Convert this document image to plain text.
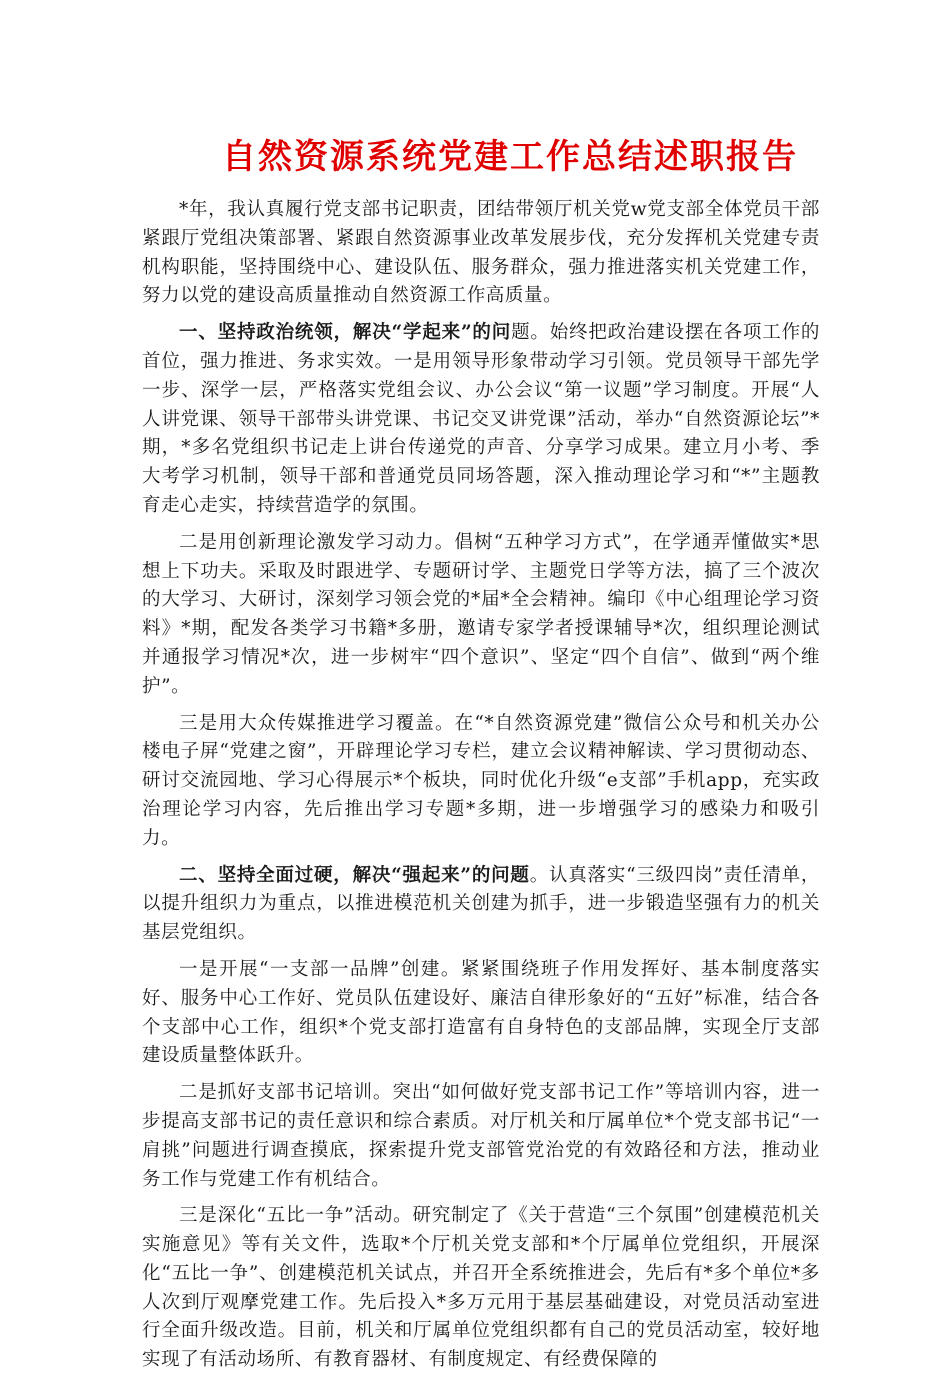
自然资源系统党建工作总结述职报告

*年，我认真履行党支部书记职责，团结带领厅机关党w党支部全体党员干部紧跟厅党组决策部署、紧跟自然资源事业改革发展步伐，充分发挥机关党建专责机构职能，坚持围绕中心、建设队伍、服务群众，强力推进落实机关党建工作，努力以党的建设高质量推动自然资源工作高质量。

一、坚持政治统领，解决“学起来”的问题。始终把政治建设摆在各项工作的首位，强力推进、务求实效。一是用领导形象带动学习引领。党员领导干部先学一步、深学一层，严格落实党组会议、办公会议“第一议题”学习制度。开展“人人讲党课、领导干部带头讲党课、书记交叉讲党课”活动，举办“自然资源论坛”*期，*多名党组织书记走上讲台传递党的声音、分享学习成果。建立月小考、季大考学习机制，领导干部和普通党员同场答题，深入推动理论学习和“*”主题教育走心走实，持续营造学的氛围。

二是用创新理论激发学习动力。倡树“五种学习方式”，在学通弄懂做实*思想上下功夫。采取及时跟进学、专题研讨学、主题党日学等方法，搞了三个波次的大学习、大研讨，深刻学习领会党的*届*全会精神。编印《中心组理论学习资料》*期，配发各类学习书籍*多册，邀请专家学者授课辅导*次，组织理论测试并通报学习情况*次，进一步树牢“四个意识”、坚定“四个自信”、做到“两个维护”。

三是用大众传媒推进学习覆盖。在“*自然资源党建”微信公众号和机关办公楼电子屏“党建之窗”，开辟理论学习专栏，建立会议精神解读、学习贯彻动态、研讨交流园地、学习心得展示*个板块，同时优化升级“e支部”手机app，充实政治理论学习内容，先后推出学习专题*多期，进一步增强学习的感染力和吸引力。

二、坚持全面过硬，解决“强起来”的问题。认真落实“三级四岗”责任清单，以提升组织力为重点，以推进模范机关创建为抓手，进一步锻造坚强有力的机关基层党组织。

一是开展“一支部一品牌”创建。紧紧围绕班子作用发挥好、基本制度落实好、服务中心工作好、党员队伍建设好、廉洁自律形象好的“五好”标准，结合各个支部中心工作，组织*个党支部打造富有自身特色的支部品牌，实现全厅支部建设质量整体跃升。

二是抓好支部书记培训。突出“如何做好党支部书记工作”等培训内容，进一步提高支部书记的责任意识和综合素质。对厅机关和厅属单位*个党支部书记“一肩挑”问题进行调查摸底，探索提升党支部管党治党的有效路径和方法，推动业务工作与党建工作有机结合。

三是深化“五比一争”活动。研究制定了《关于营造“三个氛围”创建模范机关实施意见》等有关文件，选取*个厅机关党支部和*个厅属单位党组织，开展深化“五比一争”、创建模范机关试点，并召开全系统推进会，先后有*多个单位*多人次到厅观摩党建工作。先后投入*多万元用于基层基础建设，对党员活动室进行全面升级改造。目前，机关和厅属单位党组织都有自己的党员活动室，较好地实现了有活动场所、有教育器材、有制度规定、有经费保障的
